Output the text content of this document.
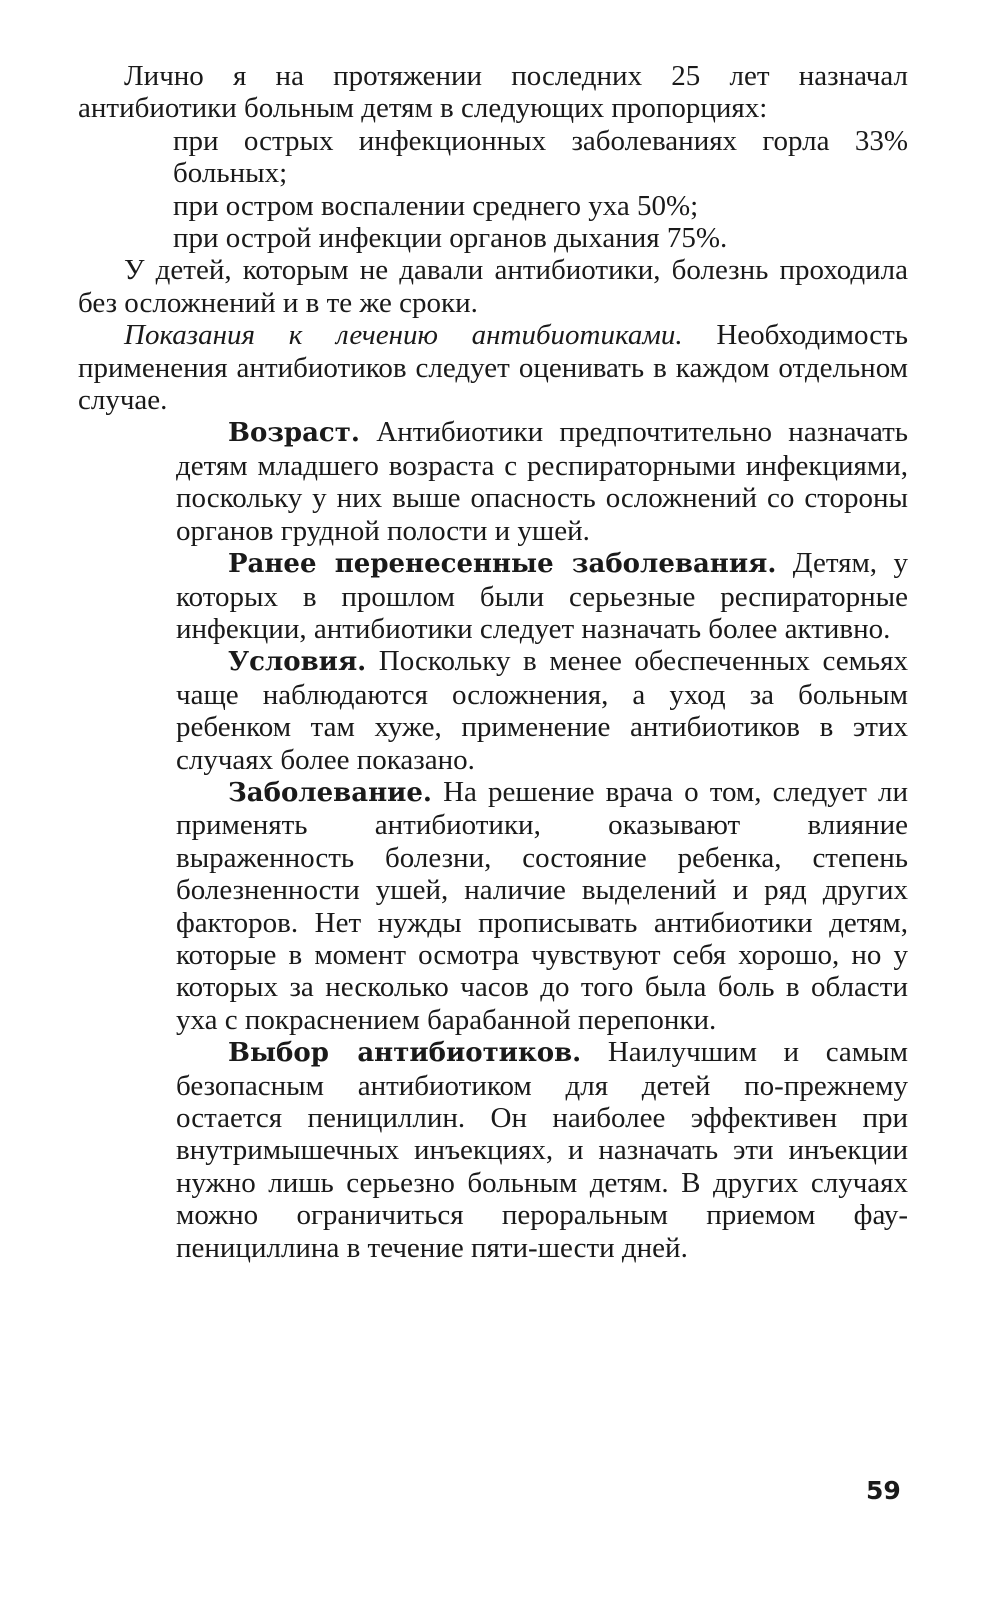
Лично я на протяжении последних 25 лет назначал антибиотики больным детям в следующих пропорциях:

при острых инфекционных заболеваниях горла 33% больных;

при остром воспалении среднего уха 50%;

при острой инфекции органов дыхания 75%.

У детей, которым не давали антибиотики, болезнь проходила без осложнений и в те же сроки.

Показания к лечению антибиотиками. Необходимость применения антибиотиков следует оценивать в каждом отдельном случае.

Возраст. Антибиотики предпочтительно назначать детям младшего возраста с респираторными инфекциями, поскольку у них выше опасность осложнений со стороны органов грудной полости и ушей.

Ранее перенесенные заболевания. Детям, у которых в прошлом были серьезные респираторные инфекции, антибиотики следует назначать более активно.

Условия. Поскольку в менее обеспеченных семьях чаще наблюдаются осложнения, а уход за больным ребенком там хуже, применение антибиотиков в этих случаях более показано.

Заболевание. На решение врача о том, следует ли применять антибиотики, оказывают влияние выраженность болезни, состояние ребенка, степень болезненности ушей, наличие выделений и ряд других факторов. Нет нужды прописывать антибиотики детям, которые в момент осмотра чувствуют себя хорошо, но у которых за несколько часов до того была боль в области уха с покраснением барабанной перепонки.

Выбор антибиотиков. Наилучшим и самым безопасным антибиотиком для детей по-прежнему остается пенициллин. Он наиболее эффективен при внутримышечных инъекциях, и назначать эти инъекции нужно лишь серьезно больным детям. В других случаях можно ограничиться пероральным приемом фау-пенициллина в течение пяти-шести дней.

59
